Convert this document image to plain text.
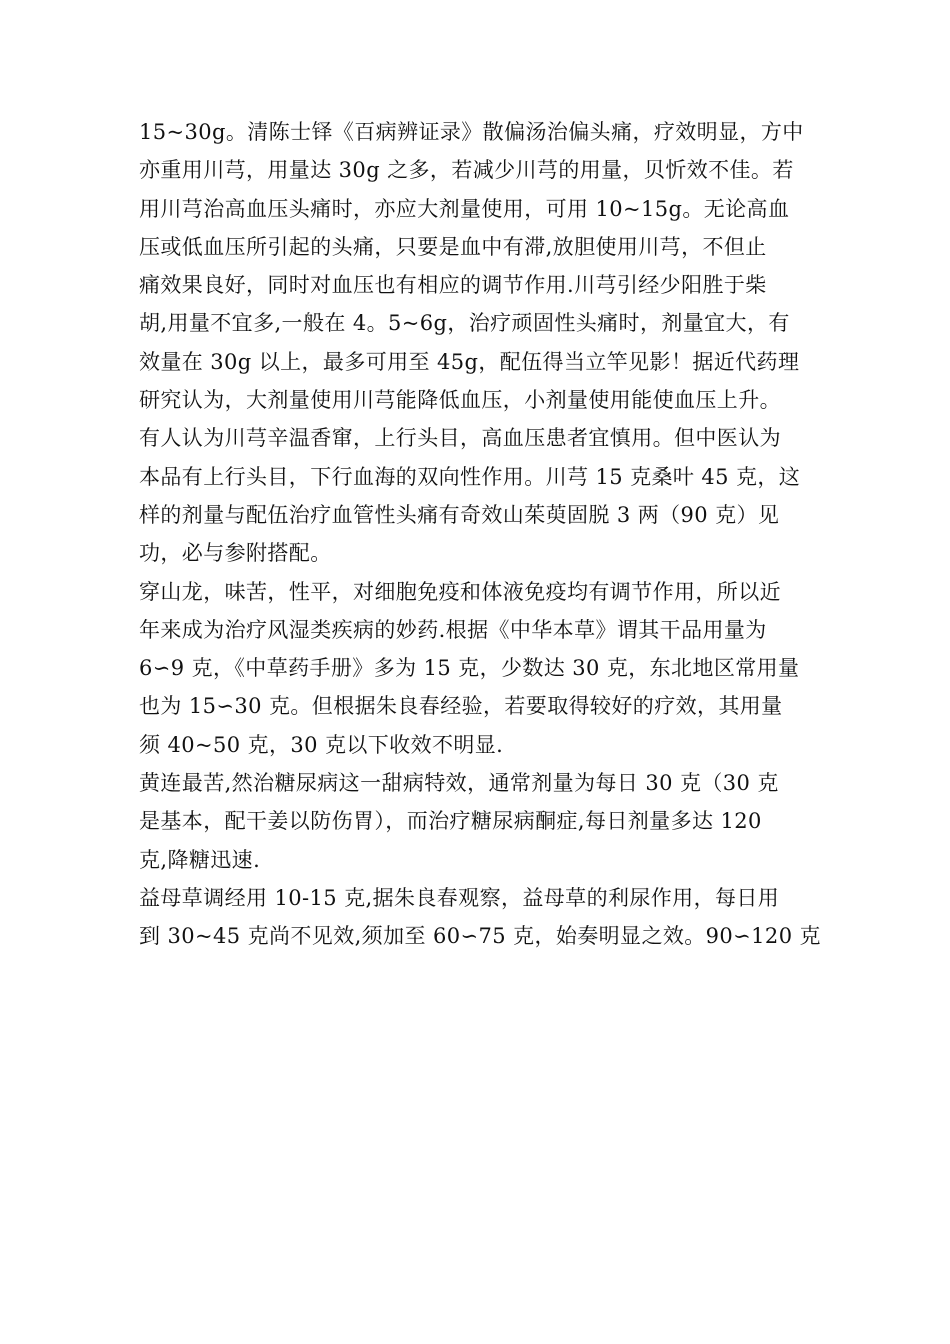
15~30g。清陈士铎《百病辨证录》散偏汤治偏头痛，疗效明显，方中
亦重用川芎，用量达 30g 之多，若减少川芎的用量，贝忻效不佳。若
用川芎治高血压头痛时，亦应大剂量使用，可用 10~15g。无论高血
压或低血压所引起的头痛，只要是血中有滞,放胆使用川芎，不但止
痛效果良好，同时对血压也有相应的调节作用.川芎引经少阳胜于柴
胡,用量不宜多,一般在 4。5~6g，治疗顽固性头痛时，剂量宜大，有
效量在 30g 以上，最多可用至 45g，配伍得当立竿见影！据近代药理
研究认为，大剂量使用川芎能降低血压，小剂量使用能使血压上升。
有人认为川芎辛温香窜，上行头目，高血压患者宜慎用。但中医认为
本品有上行头目，下行血海的双向性作用。川芎 15 克桑叶 45 克，这
样的剂量与配伍治疗血管性头痛有奇效山茱萸固脱 3 两（90 克）见
功，必与参附搭配。
穿山龙，味苦，性平，对细胞免疫和体液免疫均有调节作用，所以近
年来成为治疗风湿类疾病的妙药.根据《中华本草》谓其干品用量为
6∽9 克，《中草药手册》多为 15 克，少数达 30 克，东北地区常用量
也为 15∽30 克。但根据朱良春经验，若要取得较好的疗效，其用量
须 40~50 克，30 克以下收效不明显.
黄连最苦,然治糖尿病这一甜病特效，通常剂量为每日 30 克（30 克
是基本，配干姜以防伤胃），而治疗糖尿病酮症,每日剂量多达 120
克,降糖迅速.
益母草调经用 10-15 克,据朱良春观察，益母草的利尿作用，每日用
到 30~45 克尚不见效,须加至 60∽75 克，始奏明显之效。90∽120 克
